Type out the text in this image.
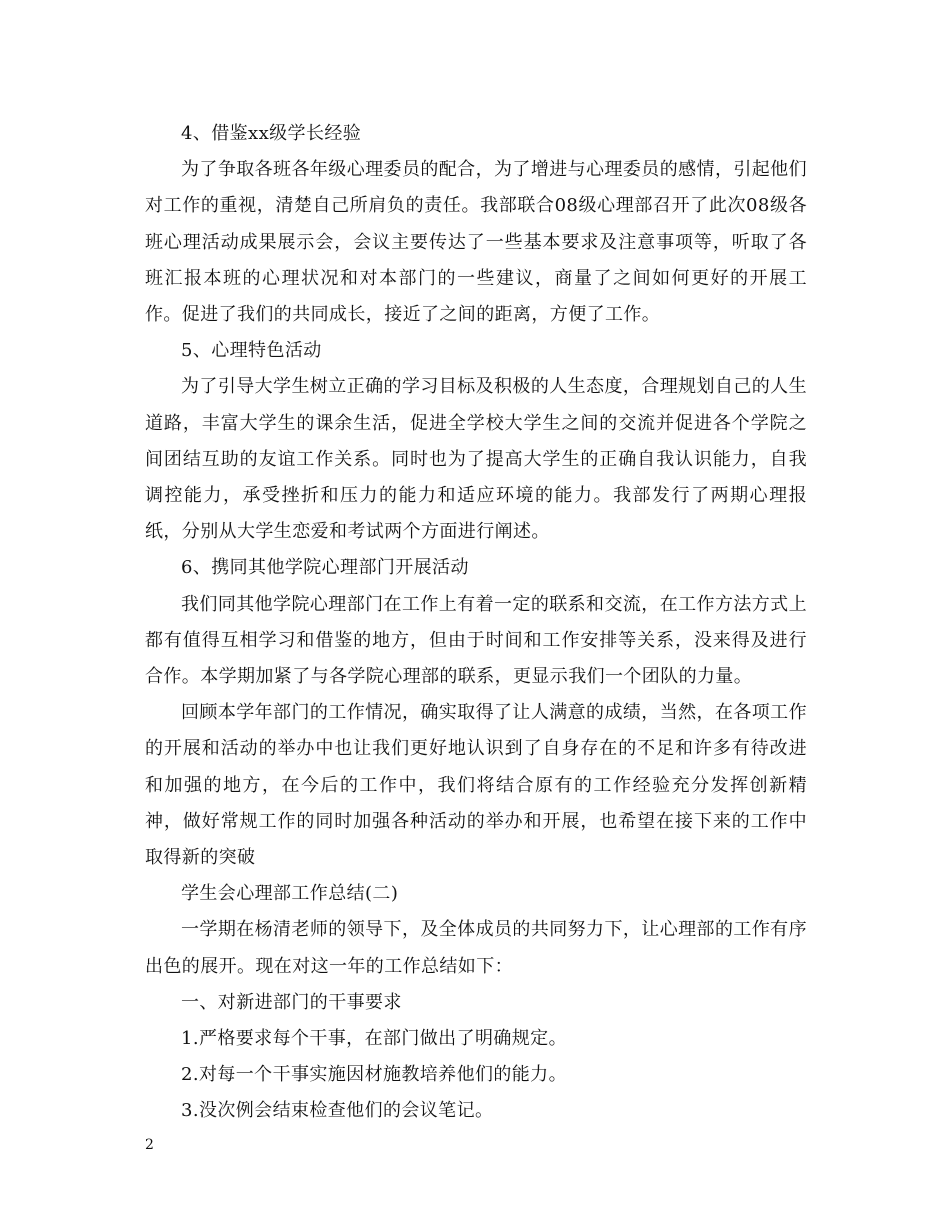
4、借鉴xx级学长经验

为了争取各班各年级心理委员的配合，为了增进与心理委员的感情，引起他们对工作的重视，清楚自己所肩负的责任。我部联合08级心理部召开了此次08级各班心理活动成果展示会，会议主要传达了一些基本要求及注意事项等，听取了各班汇报本班的心理状况和对本部门的一些建议，商量了之间如何更好的开展工作。促进了我们的共同成长，接近了之间的距离，方便了工作。

5、心理特色活动

为了引导大学生树立正确的学习目标及积极的人生态度，合理规划自己的人生道路，丰富大学生的课余生活，促进全学校大学生之间的交流并促进各个学院之间团结互助的友谊工作关系。同时也为了提高大学生的正确自我认识能力，自我调控能力，承受挫折和压力的能力和适应环境的能力。我部发行了两期心理报纸，分别从大学生恋爱和考试两个方面进行阐述。

6、携同其他学院心理部门开展活动

我们同其他学院心理部门在工作上有着一定的联系和交流，在工作方法方式上都有值得互相学习和借鉴的地方，但由于时间和工作安排等关系，没来得及进行合作。本学期加紧了与各学院心理部的联系，更显示我们一个团队的力量。

回顾本学年部门的工作情况，确实取得了让人满意的成绩，当然，在各项工作的开展和活动的举办中也让我们更好地认识到了自身存在的不足和许多有待改进和加强的地方，在今后的工作中，我们将结合原有的工作经验充分发挥创新精神，做好常规工作的同时加强各种活动的举办和开展，也希望在接下来的工作中取得新的突破

学生会心理部工作总结(二)

一学期在杨清老师的领导下，及全体成员的共同努力下，让心理部的工作有序出色的展开。现在对这一年的工作总结如下：

一、对新进部门的干事要求

1.严格要求每个干事，在部门做出了明确规定。

2.对每一个干事实施因材施教培养他们的能力。

3.没次例会结束检查他们的会议笔记。

2
